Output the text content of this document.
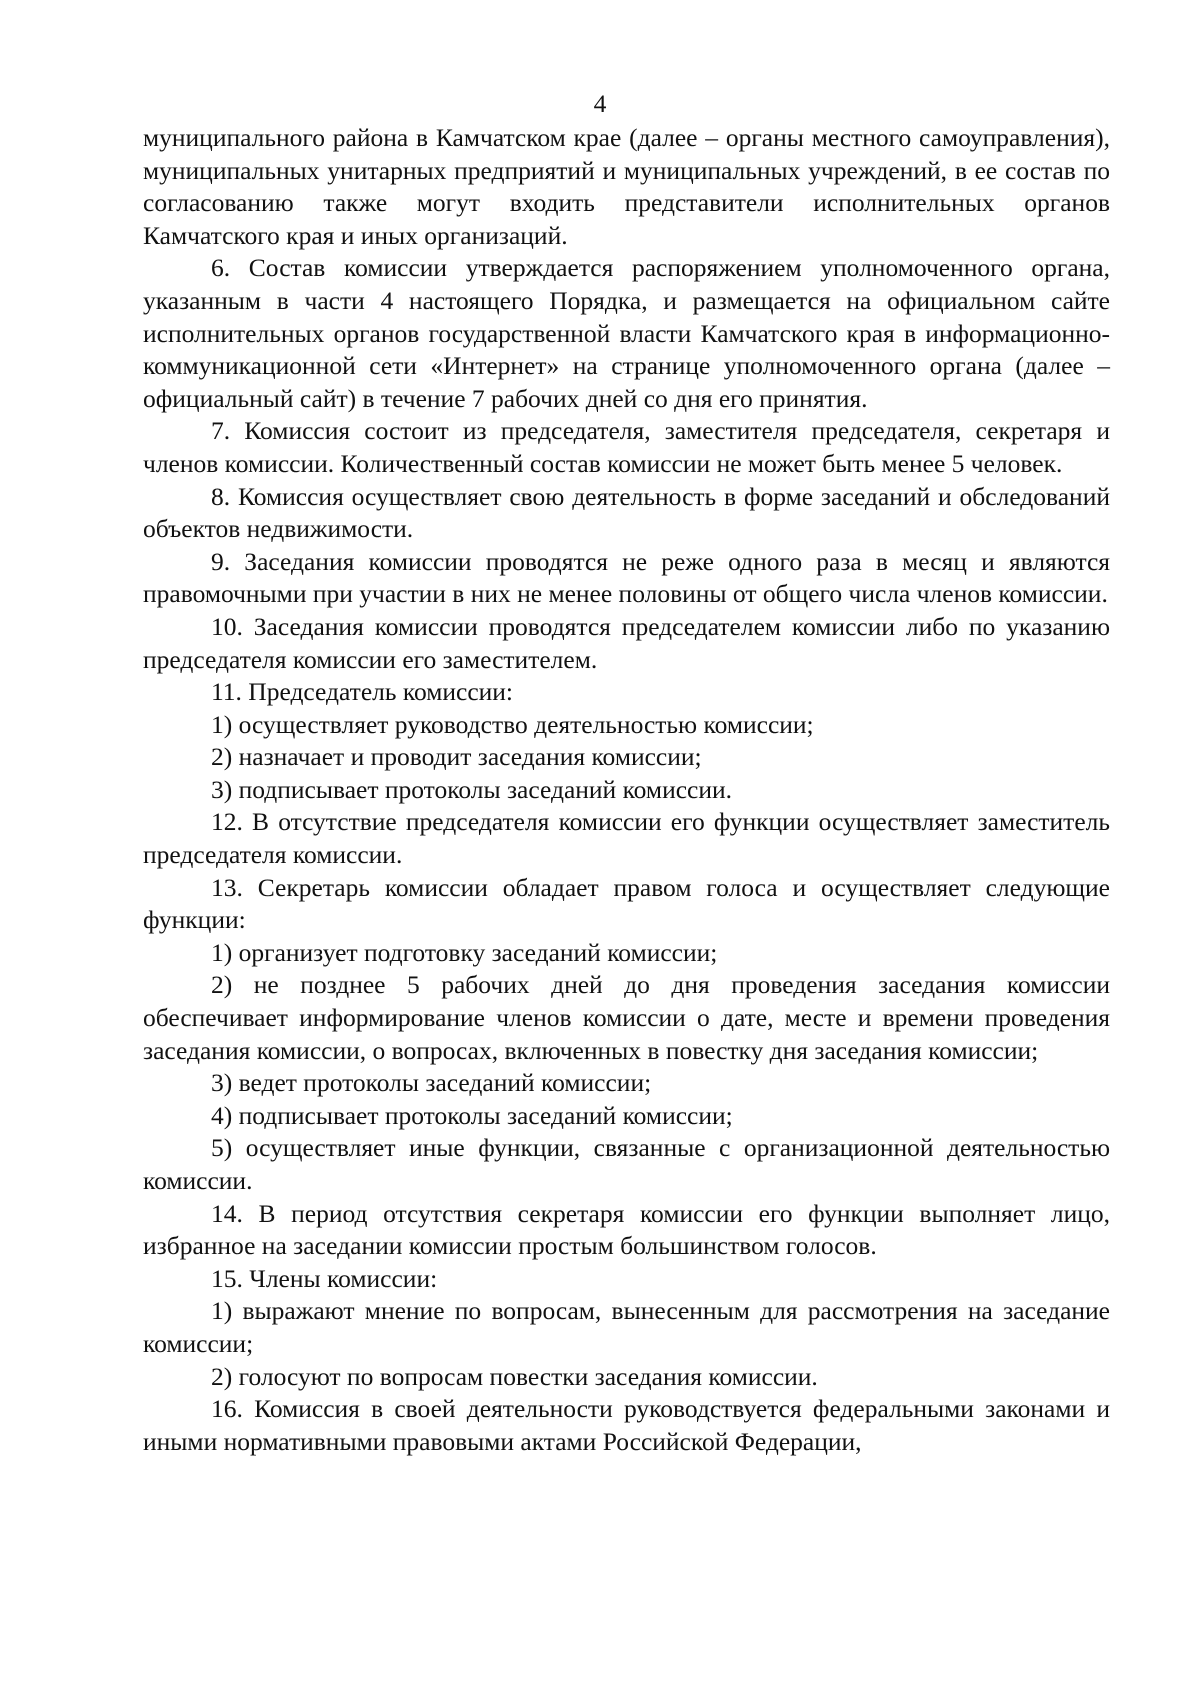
4

муниципального района в Камчатском крае (далее – органы местного самоуправления), муниципальных унитарных предприятий и муниципальных учреждений, в ее состав по согласованию также могут входить представители исполнительных органов Камчатского края и иных организаций.

6. Состав комиссии утверждается распоряжением уполномоченного органа, указанным в части 4 настоящего Порядка, и размещается на официальном сайте исполнительных органов государственной власти Камчатского края в информационно-коммуникационной сети «Интернет» на странице уполномоченного органа (далее – официальный сайт) в течение 7 рабочих дней со дня его принятия.

7. Комиссия состоит из председателя, заместителя председателя, секретаря и членов комиссии. Количественный состав комиссии не может быть менее 5 человек.

8. Комиссия осуществляет свою деятельность в форме заседаний и обследований объектов недвижимости.

9. Заседания комиссии проводятся не реже одного раза в месяц и являются правомочными при участии в них не менее половины от общего числа членов комиссии.

10. Заседания комиссии проводятся председателем комиссии либо по указанию председателя комиссии его заместителем.

11. Председатель комиссии:

1) осуществляет руководство деятельностью комиссии;

2) назначает и проводит заседания комиссии;

3) подписывает протоколы заседаний комиссии.

12. В отсутствие председателя комиссии его функции осуществляет заместитель председателя комиссии.

13. Секретарь комиссии обладает правом голоса и осуществляет следующие функции:

1) организует подготовку заседаний комиссии;

2) не позднее 5 рабочих дней до дня проведения заседания комиссии обеспечивает информирование членов комиссии о дате, месте и времени проведения заседания комиссии, о вопросах, включенных в повестку дня заседания комиссии;

3) ведет протоколы заседаний комиссии;

4) подписывает протоколы заседаний комиссии;

5) осуществляет иные функции, связанные с организационной деятельностью комиссии.

14. В период отсутствия секретаря комиссии его функции выполняет лицо, избранное на заседании комиссии простым большинством голосов.

15. Члены комиссии:

1) выражают мнение по вопросам, вынесенным для рассмотрения на заседание комиссии;

2) голосуют по вопросам повестки заседания комиссии.

16. Комиссия в своей деятельности руководствуется федеральными законами и иными нормативными правовыми актами Российской Федерации,
